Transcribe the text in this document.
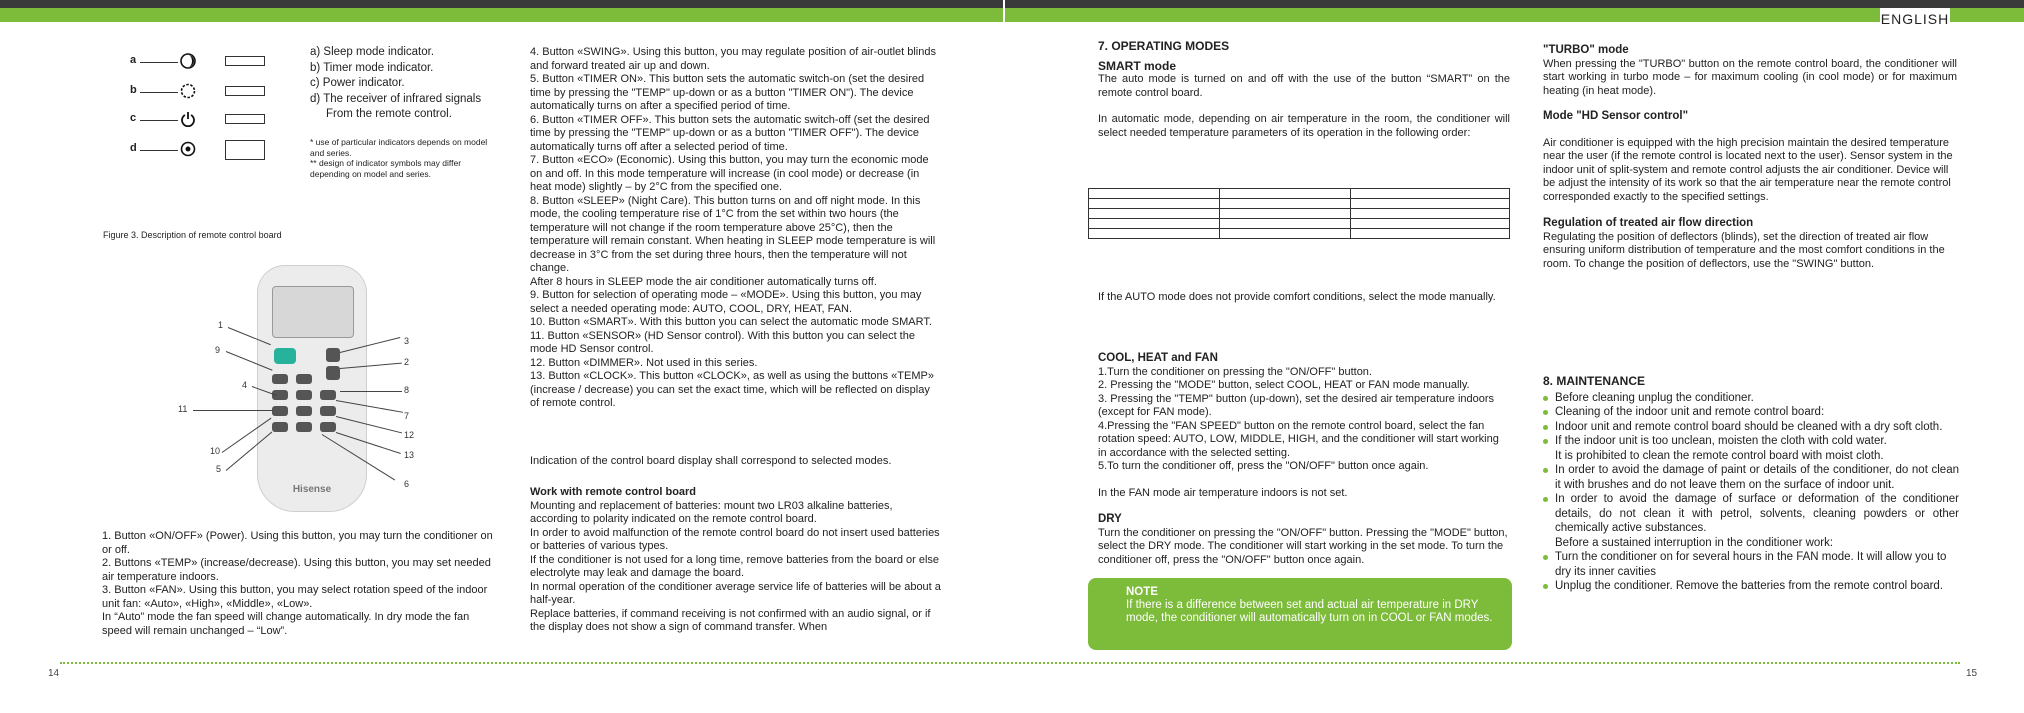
ENGLISH
a
b
c
d

a) Sleep mode indicator.

b) Timer mode indicator.

c) Power indicator.

d) The receiver of infrared signals

From the remote control.

* use of particular indicators depends on model and series.

** design of indicator symbols may differ depending on model and series.

Figure 3. Description of remote control board
Hisense
1
9
4
11
10
5
3
2
8
7
12
13
6

1. Button «ON/OFF» (Power). Using this button, you may turn the conditioner on or off.

2. Buttons «TEMP» (increase/decrease). Using this button, you may set needed air temperature indoors.

3. Button «FAN». Using this button, you may select rotation speed of the indoor unit fan: «Auto», «High», «Middle», «Low».

In “Auto” mode the fan speed will change automatically. In dry mode the fan speed will remain unchanged – “Low”.

4. Button «SWING». Using this button, you may regulate position of air-outlet blinds and forward treated air up and down.

5. Button «TIMER ON». This button sets the automatic switch-on (set the desired time by pressing the "TEMP" up-down or as a button "TIMER ON"). The device automatically turns on after a specified period of time.

6. Button «TIMER OFF». This button sets the automatic switch-off (set the desired time by pressing the "TEMP" up-down or as a button "TIMER OFF"). The device automatically turns off after a selected period of time.

7. Button «ECO» (Economic). Using this button, you may turn the economic mode on and off. In this mode temperature will increase (in cool mode) or decrease (in heat mode) slightly – by 2°C from the specified one.

8. Button «SLEEP» (Night Care). This button turns on and off night mode. In this mode, the cooling temperature rise of 1°C from the set within two hours (the temperature will not change if the room temperature above 25°C), then the temperature will remain constant. When heating in SLEEP mode temperature is will decrease in 3°C from the set during three hours, then the temperature will not change.

After 8 hours in SLEEP mode the air conditioner automatically turns off.

9. Button for selection of operating mode – «MODE». Using this button, you may select a needed operating mode: AUTO, COOL, DRY, HEAT, FAN.

10. Button «SMART». With this button you can select the automatic mode SMART.

11. Button «SENSOR» (HD Sensor control). With this button you can select the mode HD Sensor control.

12. Button «DIMMER». Not used in this series.

13. Button «CLOCK». This button «CLOCK», as well as using the buttons «TEMP» (increase / decrease) you can set the exact time, which will be reflected on display of remote control.

Indication of the control board display shall correspond to selected modes.

Work with remote control board

Mounting and replacement of batteries: mount two LR03 alkaline batteries, according to polarity indicated on the remote control board.

In order to avoid malfunction of the remote control board do not insert used batteries or batteries of various types.

If the conditioner is not used for a long time, remove batteries from the board or else electrolyte may leak and damage the board.

In normal operation of the conditioner average service life of batteries will be about a half-year.

Replace batteries, if command receiving is not confirmed with an audio signal, or if the display does not show a sign of command transfer. When

7. OPERATING MODES

SMART mode

The auto mode is turned on and off with the use of the button “SMART” on the remote control board.

In automatic mode, depending on air temperature in the room, the conditioner will select needed temperature parameters of its operation in the following order:

If the AUTO mode does not provide comfort conditions, select the mode manually.

COOL, HEAT and FAN

1.Turn the conditioner on pressing the "ON/OFF" button.

2. Pressing the "MODE" button, select COOL, HEAT or FAN mode manually.

3. Pressing the "TEMP" button (up-down), set the desired air temperature indoors (except for FAN mode).

4.Pressing the "FAN SPEED" button on the remote control board, select the fan rotation speed: AUTO, LOW, MIDDLE, HIGH, and the conditioner will start working in accordance with the selected setting.

5.To turn the conditioner off, press the "ON/OFF" button once again.

In the FAN mode air temperature indoors is not set.

DRY

Turn the conditioner on pressing the "ON/OFF" button. Pressing the "MODE" button, select the DRY mode. The conditioner will start working in the set mode. To turn the conditioner off, press the "ON/OFF" button once again.

NOTE

If there is a difference between set and actual air temperature in DRY mode, the conditioner will automatically turn on in COOL or FAN modes.

"TURBO" mode

When pressing the "TURBO" button on the remote control board, the conditioner will start working in turbo mode – for maximum cooling (in cool mode) or for maximum heating (in heat mode).

Mode "HD Sensor control"

Air conditioner is equipped with the high precision maintain the desired temperature near the user (if the remote control is located next to the user). Sensor system in the indoor unit of split-system and remote control adjusts the air conditioner. Device will be adjust the intensity of its work so that the air temperature near the remote control corresponded exactly to the specified settings.

Regulation of treated air flow direction

Regulating the position of deflectors (blinds), set the direction of treated air flow ensuring uniform distribution of temperature and the most comfort conditions in the room. To change the position of deflectors, use the "SWING" button.

8. MAINTENANCE

Before cleaning unplug the conditioner.
Cleaning of the indoor unit and remote control board:
Indoor unit and remote control board should be cleaned with a dry soft cloth.
If the indoor unit is too unclean, moisten the cloth with cold water.
It is prohibited to clean the remote control board with moist cloth.
In order to avoid the damage of paint or details of the conditioner, do not clean it with brushes and do not leave them on the surface of indoor unit.
In order to avoid the damage of surface or deformation of the conditioner details, do not clean it with petrol, solvents, cleaning powders or other chemically active substances.
Before a sustained interruption in the conditioner work:
Turn the conditioner on for several hours in the FAN mode. It will allow you to dry its inner cavities
Unplug the conditioner. Remove the batteries from the remote control board.
14	15
